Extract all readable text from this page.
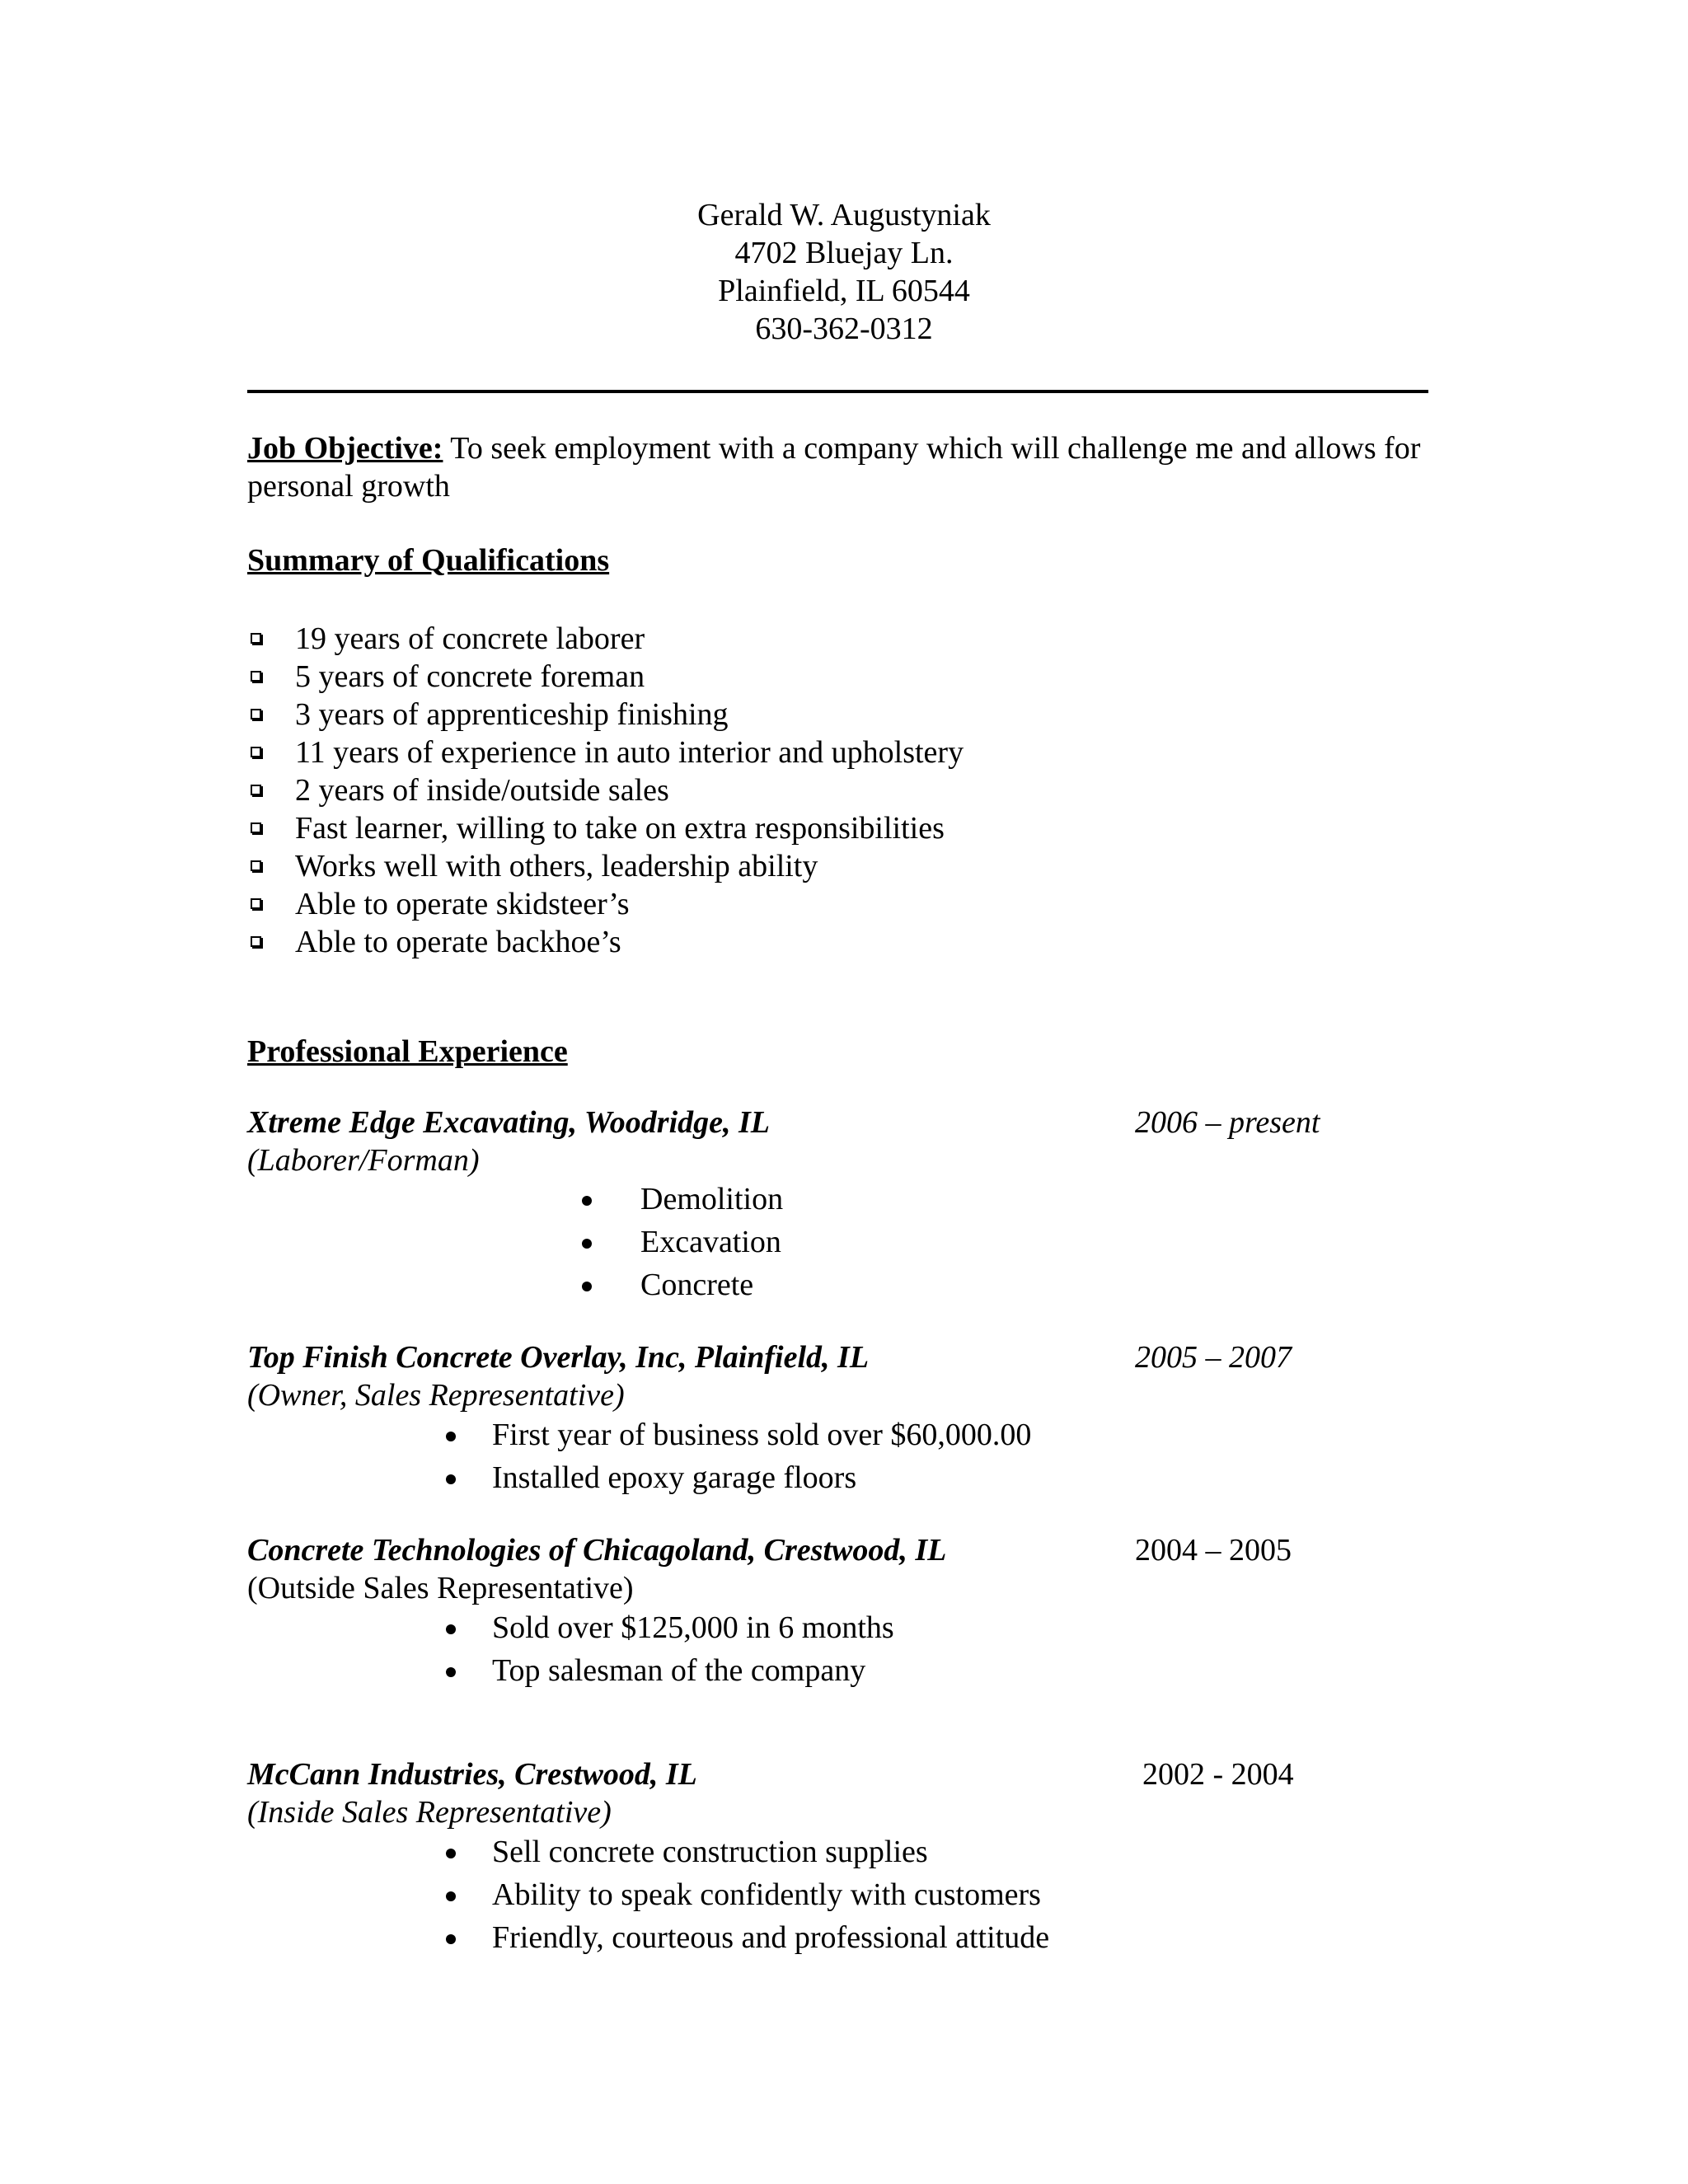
Gerald W. Augustyniak
4702 Bluejay Ln.
Plainfield, IL 60544
630-362-0312
Job Objective: To seek employment with a company which will challenge me and allows for personal growth
Summary of Qualifications
19 years of concrete laborer
5 years of concrete foreman
3 years of apprenticeship finishing
11 years of experience in auto interior and upholstery
2 years of inside/outside sales
Fast learner, willing to take on extra responsibilities
Works well with others, leadership ability
Able to operate skidsteer’s
Able to operate backhoe’s
Professional Experience
Xtreme Edge Excavating, Woodridge, IL	2006 – present
(Laborer/Forman)
Demolition
Excavation
Concrete
Top Finish Concrete Overlay, Inc, Plainfield, IL	2005 – 2007
(Owner, Sales Representative)
First year of business sold over $60,000.00
Installed epoxy garage floors
Concrete Technologies of Chicagoland, Crestwood, IL	2004 – 2005
(Outside Sales Representative)
Sold over $125,000 in 6 months
Top salesman of the company
McCann Industries, Crestwood, IL	2002 - 2004
(Inside Sales Representative)
Sell concrete construction supplies
Ability to speak confidently with customers
Friendly, courteous and professional attitude
